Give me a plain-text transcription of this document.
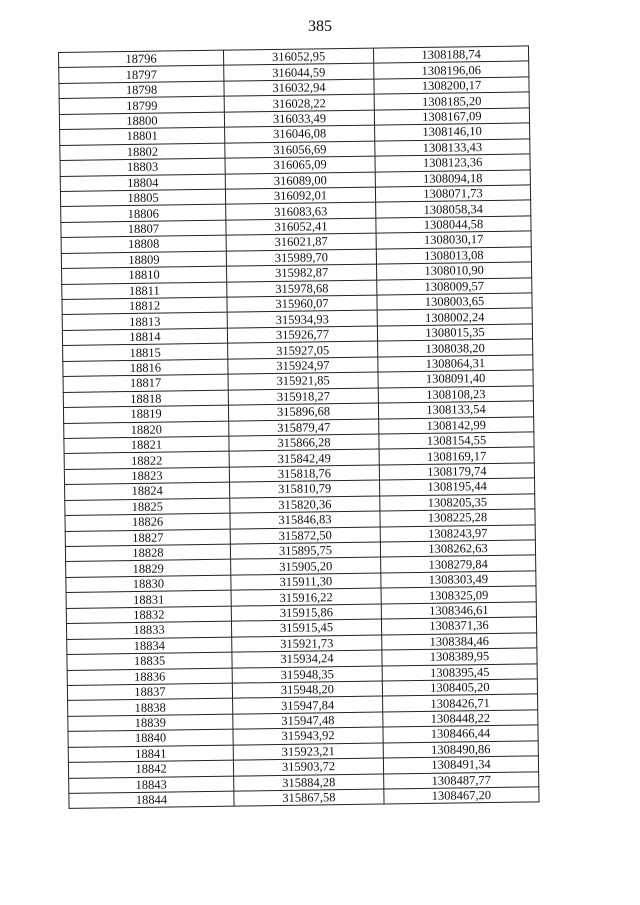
385
18796	316052,95	1308188,74
18797	316044,59	1308196,06
18798	316032,94	1308200,17
18799	316028,22	1308185,20
18800	316033,49	1308167,09
18801	316046,08	1308146,10
18802	316056,69	1308133,43
18803	316065,09	1308123,36
18804	316089,00	1308094,18
18805	316092,01	1308071,73
18806	316083,63	1308058,34
18807	316052,41	1308044,58
18808	316021,87	1308030,17
18809	315989,70	1308013,08
18810	315982,87	1308010,90
18811	315978,68	1308009,57
18812	315960,07	1308003,65
18813	315934,93	1308002,24
18814	315926,77	1308015,35
18815	315927,05	1308038,20
18816	315924,97	1308064,31
18817	315921,85	1308091,40
18818	315918,27	1308108,23
18819	315896,68	1308133,54
18820	315879,47	1308142,99
18821	315866,28	1308154,55
18822	315842,49	1308169,17
18823	315818,76	1308179,74
18824	315810,79	1308195,44
18825	315820,36	1308205,35
18826	315846,83	1308225,28
18827	315872,50	1308243,97
18828	315895,75	1308262,63
18829	315905,20	1308279,84
18830	315911,30	1308303,49
18831	315916,22	1308325,09
18832	315915,86	1308346,61
18833	315915,45	1308371,36
18834	315921,73	1308384,46
18835	315934,24	1308389,95
18836	315948,35	1308395,45
18837	315948,20	1308405,20
18838	315947,84	1308426,71
18839	315947,48	1308448,22
18840	315943,92	1308466,44
18841	315923,21	1308490,86
18842	315903,72	1308491,34
18843	315884,28	1308487,77
18844	315867,58	1308467,20
